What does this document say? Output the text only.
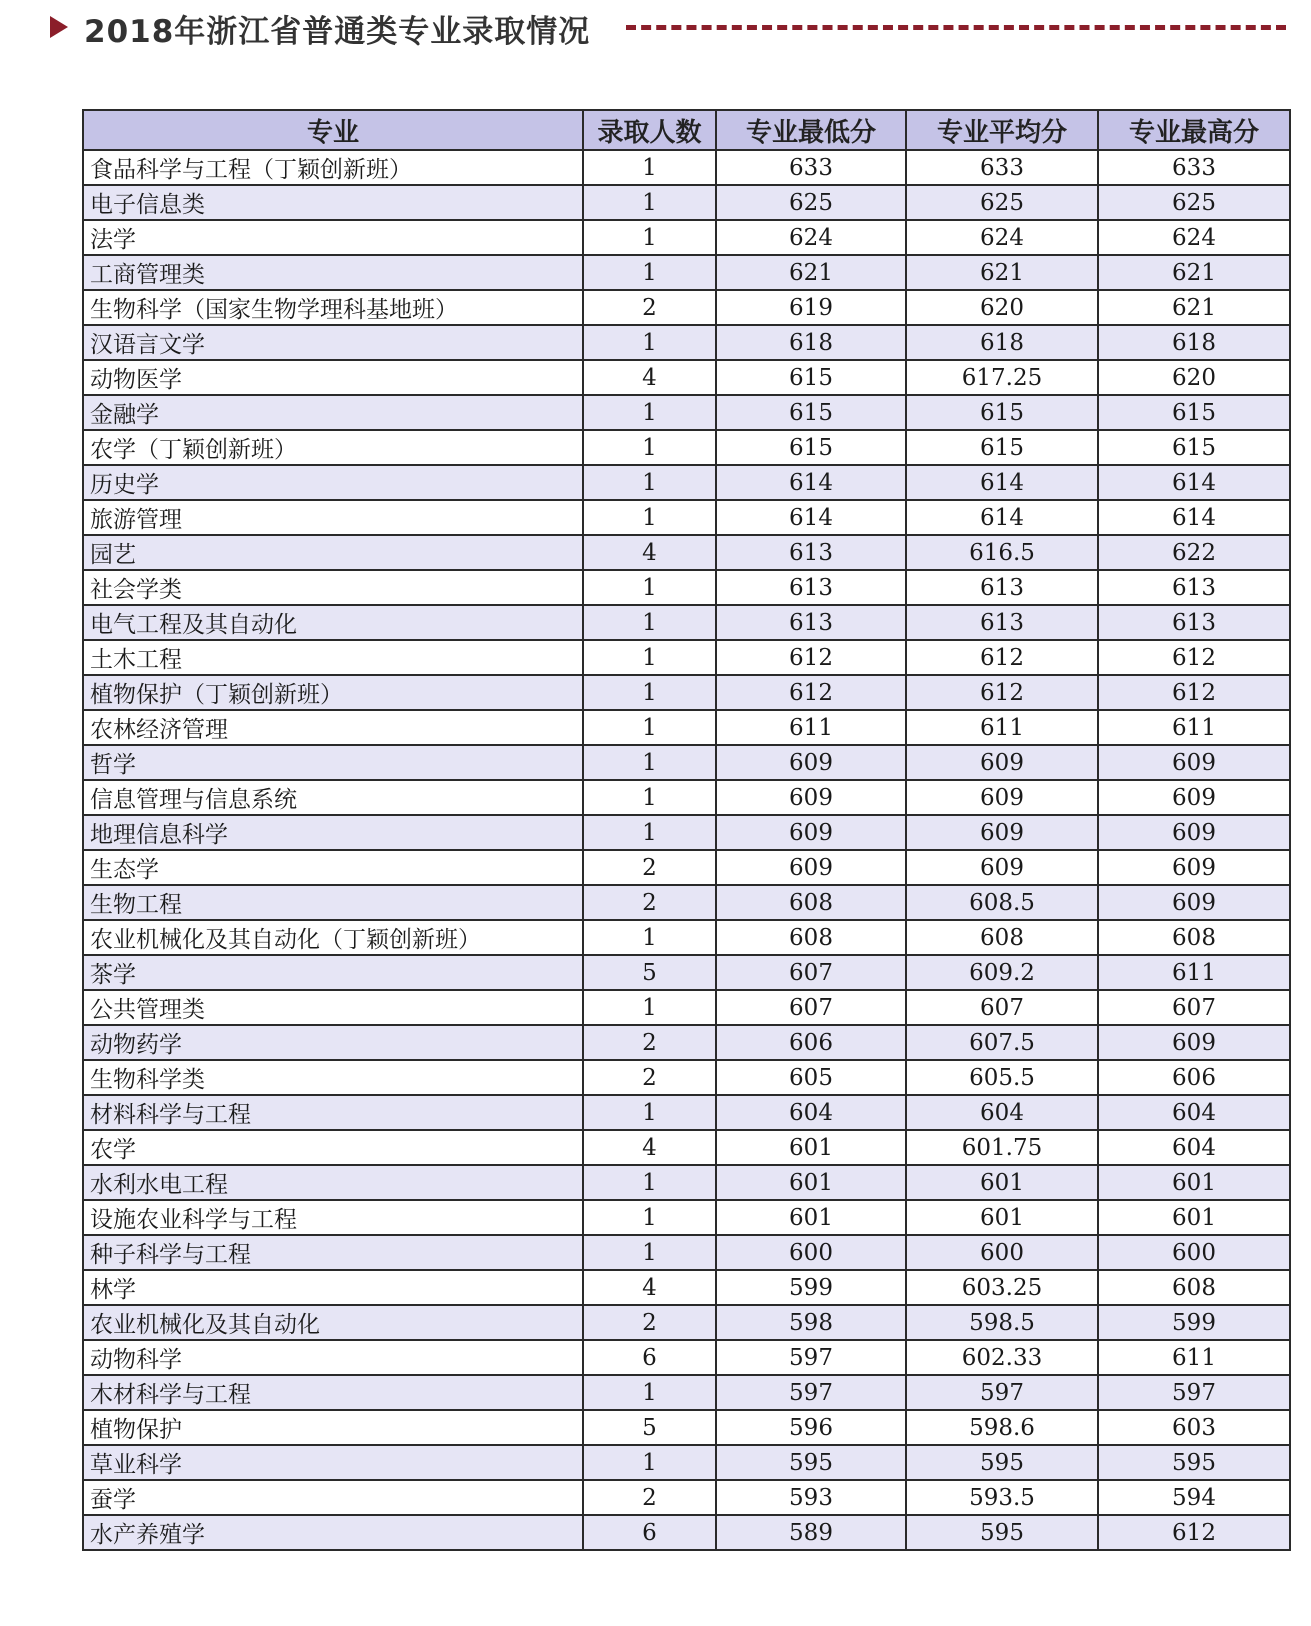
2018年浙江省普通类专业录取情况
专业	录取人数	专业最低分	专业平均分	专业最高分
食品科学与工程（丁颖创新班）	1	633	633	633
电子信息类	1	625	625	625
法学	1	624	624	624
工商管理类	1	621	621	621
生物科学（国家生物学理科基地班）	2	619	620	621
汉语言文学	1	618	618	618
动物医学	4	615	617.25	620
金融学	1	615	615	615
农学（丁颖创新班）	1	615	615	615
历史学	1	614	614	614
旅游管理	1	614	614	614
园艺	4	613	616.5	622
社会学类	1	613	613	613
电气工程及其自动化	1	613	613	613
土木工程	1	612	612	612
植物保护（丁颖创新班）	1	612	612	612
农林经济管理	1	611	611	611
哲学	1	609	609	609
信息管理与信息系统	1	609	609	609
地理信息科学	1	609	609	609
生态学	2	609	609	609
生物工程	2	608	608.5	609
农业机械化及其自动化（丁颖创新班）	1	608	608	608
茶学	5	607	609.2	611
公共管理类	1	607	607	607
动物药学	2	606	607.5	609
生物科学类	2	605	605.5	606
材料科学与工程	1	604	604	604
农学	4	601	601.75	604
水利水电工程	1	601	601	601
设施农业科学与工程	1	601	601	601
种子科学与工程	1	600	600	600
林学	4	599	603.25	608
农业机械化及其自动化	2	598	598.5	599
动物科学	6	597	602.33	611
木材科学与工程	1	597	597	597
植物保护	5	596	598.6	603
草业科学	1	595	595	595
蚕学	2	593	593.5	594
水产养殖学	6	589	595	612
